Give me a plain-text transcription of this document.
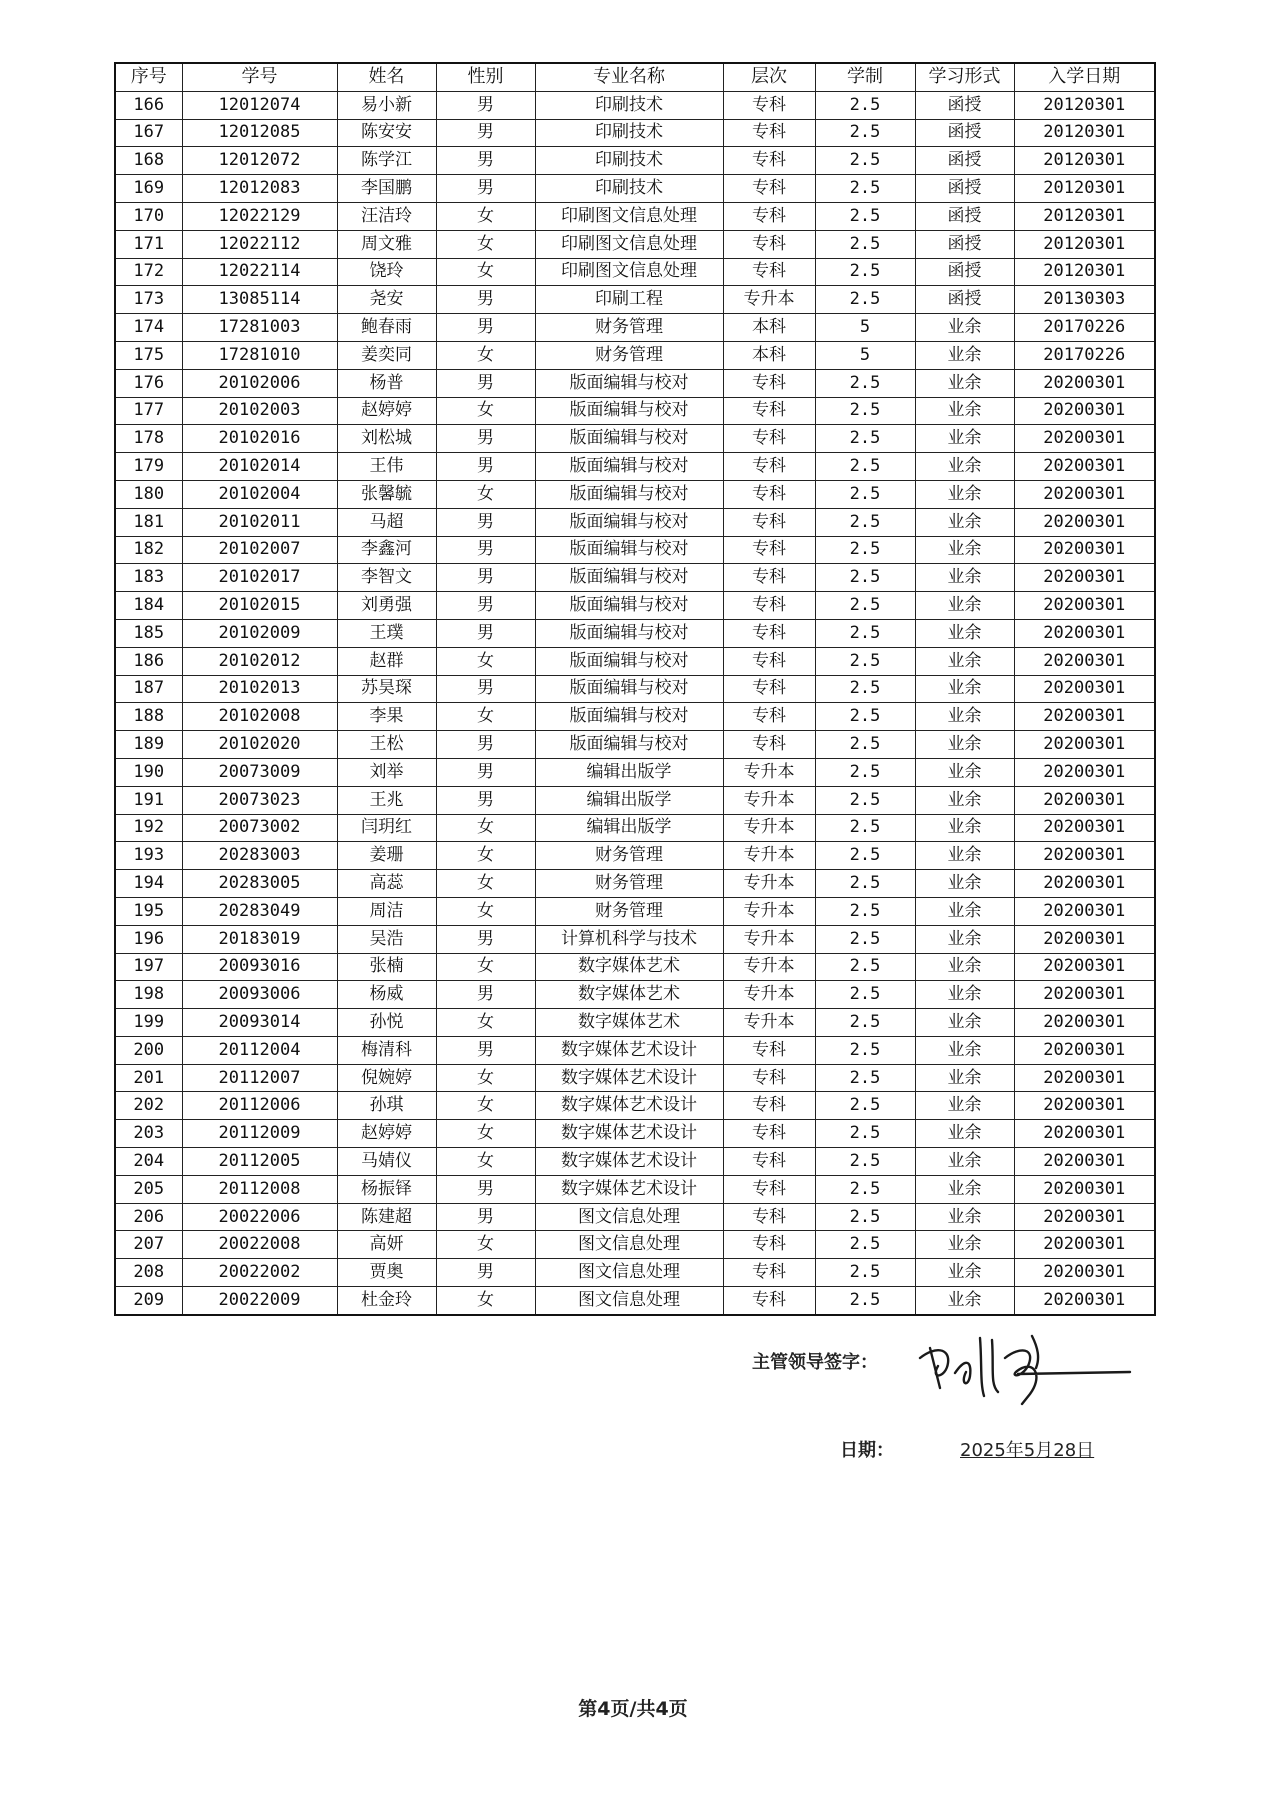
序号	学号	姓名	性别	专业名称	层次	学制	学习形式	入学日期
166	12012074	易小新	男	印刷技术	专科	2.5	函授	20120301
167	12012085	陈安安	男	印刷技术	专科	2.5	函授	20120301
168	12012072	陈学江	男	印刷技术	专科	2.5	函授	20120301
169	12012083	李国鹏	男	印刷技术	专科	2.5	函授	20120301
170	12022129	汪洁玲	女	印刷图文信息处理	专科	2.5	函授	20120301
171	12022112	周文雅	女	印刷图文信息处理	专科	2.5	函授	20120301
172	12022114	饶玲	女	印刷图文信息处理	专科	2.5	函授	20120301
173	13085114	尧安	男	印刷工程	专升本	2.5	函授	20130303
174	17281003	鲍春雨	男	财务管理	本科	5	业余	20170226
175	17281010	姜奕同	女	财务管理	本科	5	业余	20170226
176	20102006	杨普	男	版面编辑与校对	专科	2.5	业余	20200301
177	20102003	赵婷婷	女	版面编辑与校对	专科	2.5	业余	20200301
178	20102016	刘松城	男	版面编辑与校对	专科	2.5	业余	20200301
179	20102014	王伟	男	版面编辑与校对	专科	2.5	业余	20200301
180	20102004	张馨毓	女	版面编辑与校对	专科	2.5	业余	20200301
181	20102011	马超	男	版面编辑与校对	专科	2.5	业余	20200301
182	20102007	李鑫河	男	版面编辑与校对	专科	2.5	业余	20200301
183	20102017	李智文	男	版面编辑与校对	专科	2.5	业余	20200301
184	20102015	刘勇强	男	版面编辑与校对	专科	2.5	业余	20200301
185	20102009	王璞	男	版面编辑与校对	专科	2.5	业余	20200301
186	20102012	赵群	女	版面编辑与校对	专科	2.5	业余	20200301
187	20102013	苏昊琛	男	版面编辑与校对	专科	2.5	业余	20200301
188	20102008	李果	女	版面编辑与校对	专科	2.5	业余	20200301
189	20102020	王松	男	版面编辑与校对	专科	2.5	业余	20200301
190	20073009	刘举	男	编辑出版学	专升本	2.5	业余	20200301
191	20073023	王兆	男	编辑出版学	专升本	2.5	业余	20200301
192	20073002	闫玥红	女	编辑出版学	专升本	2.5	业余	20200301
193	20283003	姜珊	女	财务管理	专升本	2.5	业余	20200301
194	20283005	高蕊	女	财务管理	专升本	2.5	业余	20200301
195	20283049	周洁	女	财务管理	专升本	2.5	业余	20200301
196	20183019	吴浩	男	计算机科学与技术	专升本	2.5	业余	20200301
197	20093016	张楠	女	数字媒体艺术	专升本	2.5	业余	20200301
198	20093006	杨威	男	数字媒体艺术	专升本	2.5	业余	20200301
199	20093014	孙悦	女	数字媒体艺术	专升本	2.5	业余	20200301
200	20112004	梅清科	男	数字媒体艺术设计	专科	2.5	业余	20200301
201	20112007	倪婉婷	女	数字媒体艺术设计	专科	2.5	业余	20200301
202	20112006	孙琪	女	数字媒体艺术设计	专科	2.5	业余	20200301
203	20112009	赵婷婷	女	数字媒体艺术设计	专科	2.5	业余	20200301
204	20112005	马婧仪	女	数字媒体艺术设计	专科	2.5	业余	20200301
205	20112008	杨振铎	男	数字媒体艺术设计	专科	2.5	业余	20200301
206	20022006	陈建超	男	图文信息处理	专科	2.5	业余	20200301
207	20022008	高妍	女	图文信息处理	专科	2.5	业余	20200301
208	20022002	贾奥	男	图文信息处理	专科	2.5	业余	20200301
209	20022009	杜金玲	女	图文信息处理	专科	2.5	业余	20200301
主管领导签字：
日期：	2025年5月28日
第4页/共4页
